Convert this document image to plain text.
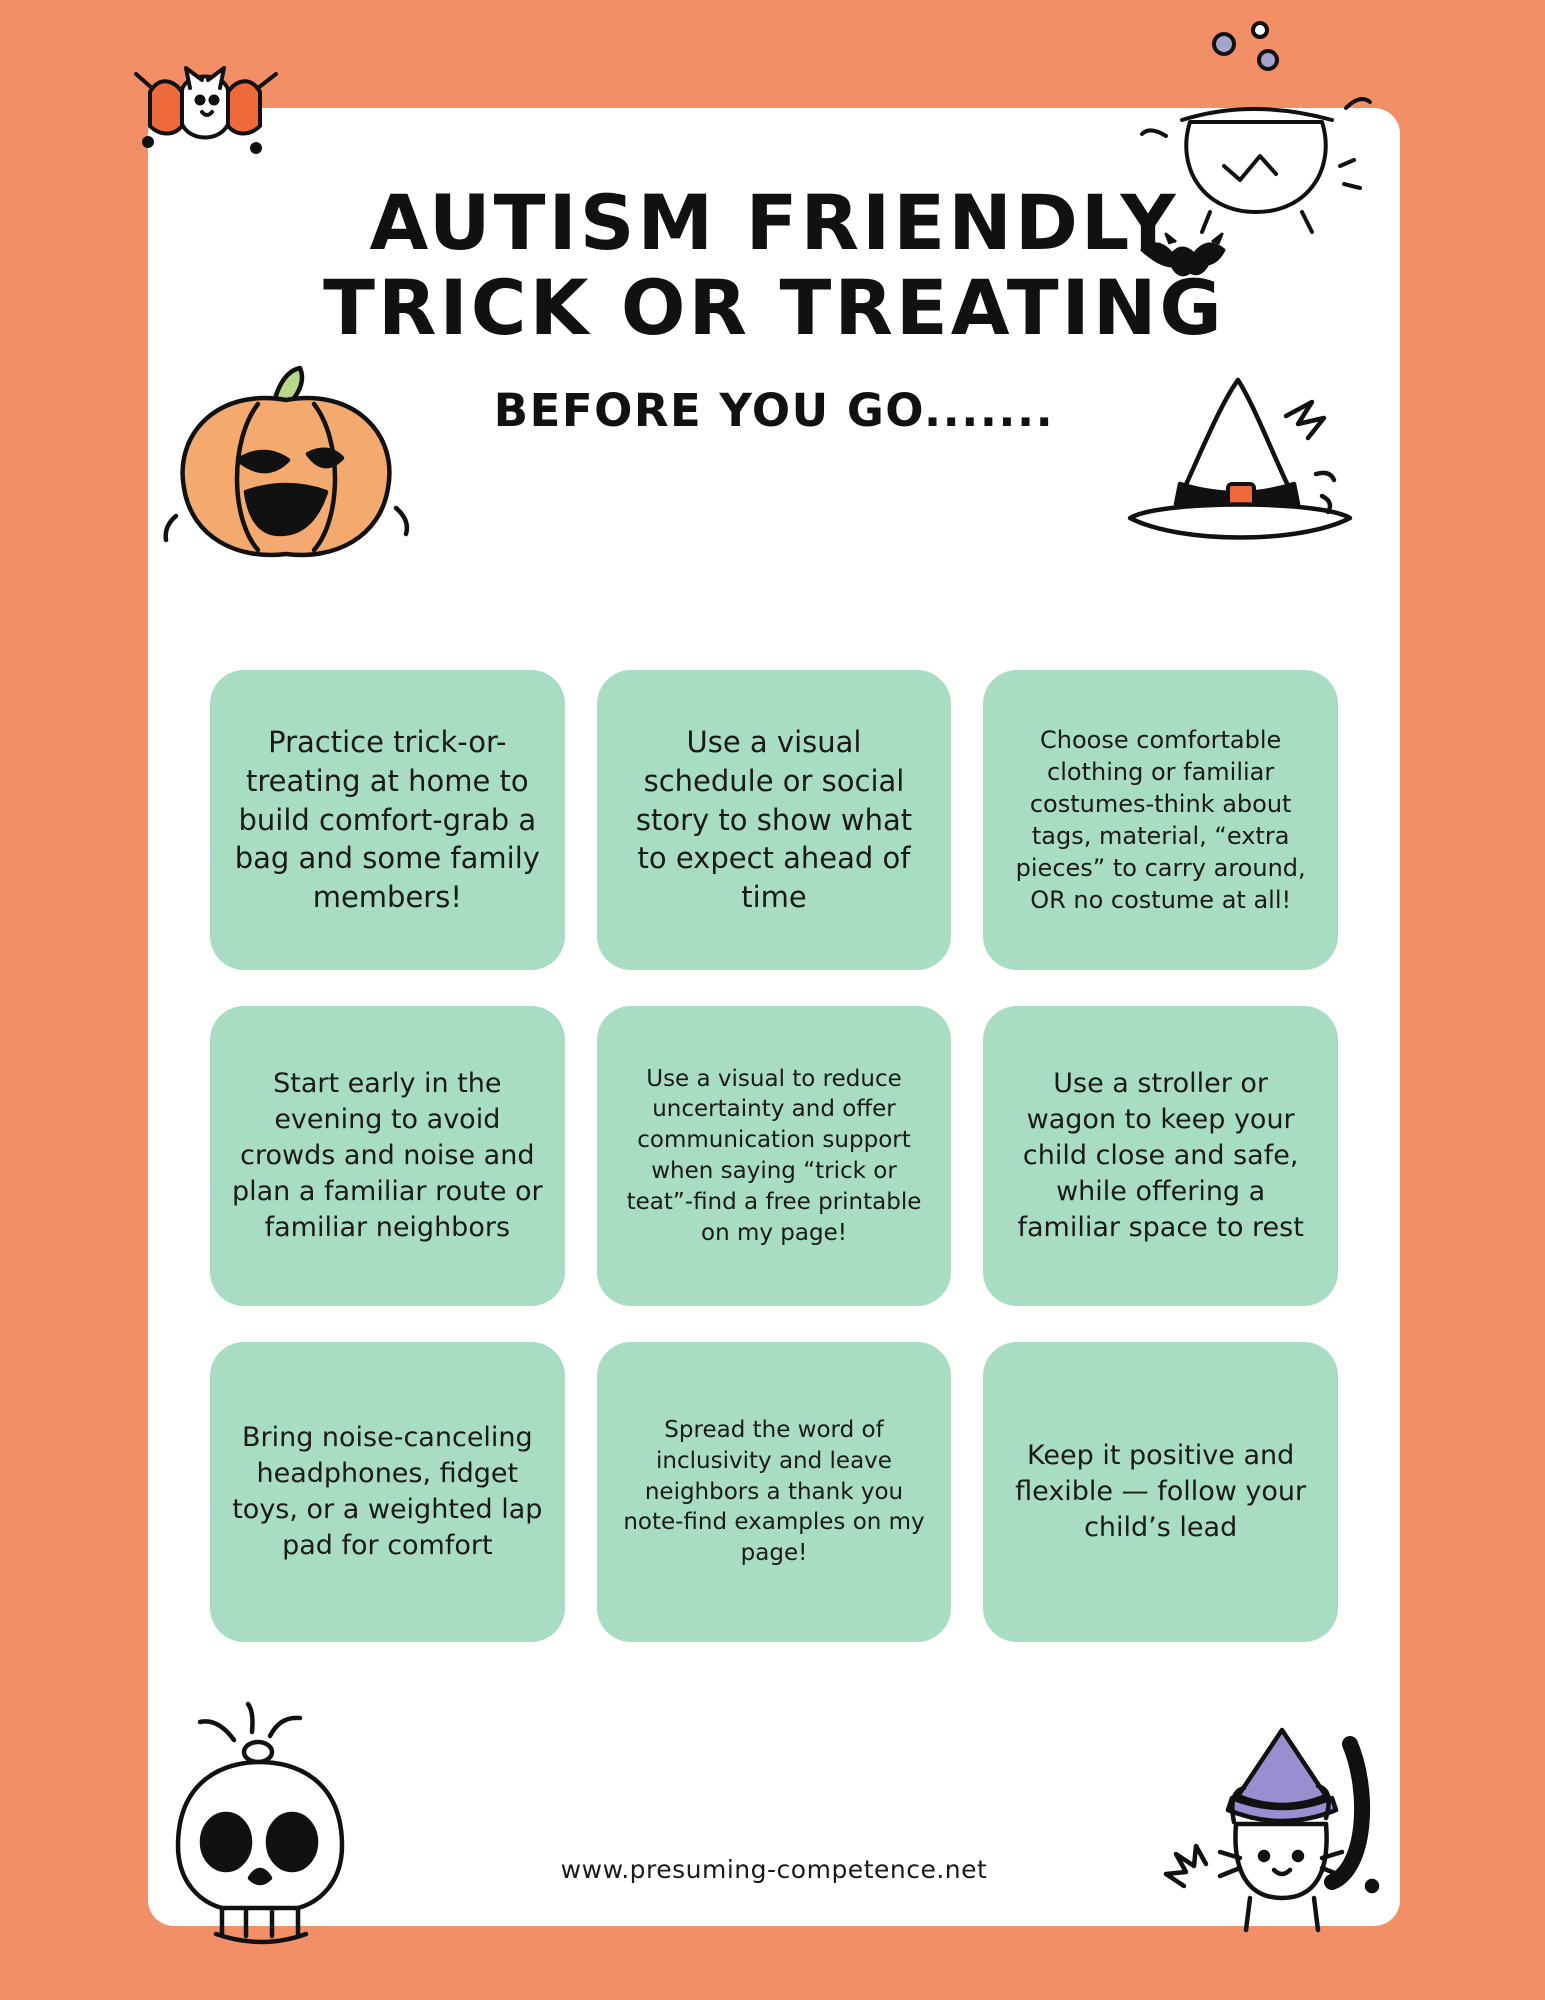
AUTISM FRIENDLY
TRICK OR TREATING
BEFORE YOU GO.......

Practice trick-or-treating at home to build comfort-grab a bag and some family members!

Use a visual schedule or social story to show what to expect ahead of time

Choose comfortable clothing or familiar costumes-think about tags, material, “extra pieces” to carry around, OR no costume at all!

Start early in the evening to avoid crowds and noise and plan a familiar route or familiar neighbors

Use a visual to reduce uncertainty and offer communication support when saying “trick or teat”-find a free printable on my page!

Use a stroller or wagon to keep your child close and safe, while offering a familiar space to rest

Bring noise-canceling headphones, fidget toys, or a weighted lap pad for comfort

Spread the word of inclusivity and leave neighbors a thank you note-find examples on my page!

Keep it positive and flexible — follow your child’s lead

www.presuming-competence.net
